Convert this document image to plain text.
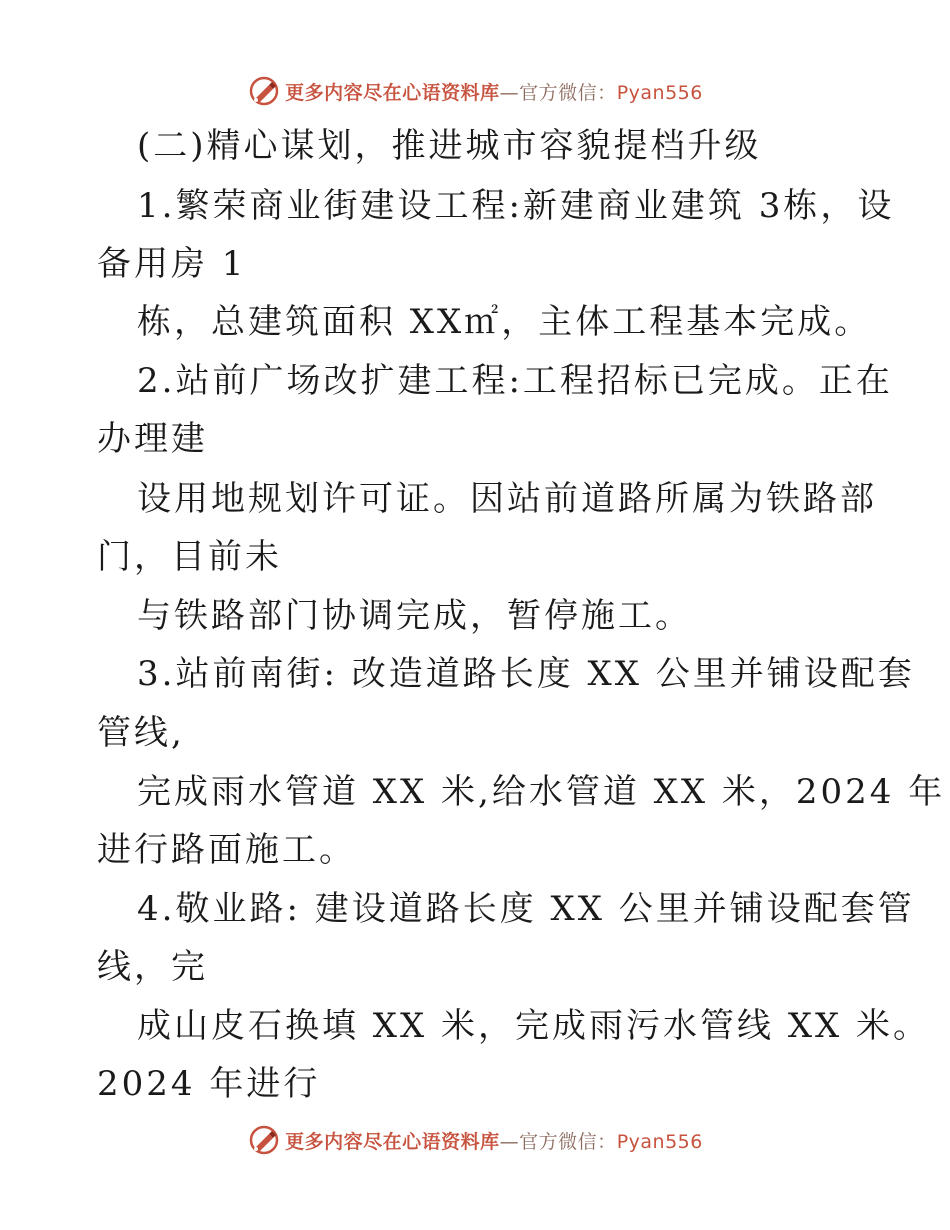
更多内容尽在心语资料库—官方微信：Pyan556
(二)精心谋划，推进城市容貌提档升级
1.繁荣商业街建设工程:新建商业建筑 3栋，设
备用房 1
栋，总建筑面积 XX㎡，主体工程基本完成。
2.站前广场改扩建工程:工程招标已完成。正在
办理建
设用地规划许可证。因站前道路所属为铁路部
门，目前未
与铁路部门协调完成，暂停施工。
3.站前南街: 改造道路长度 XX 公里并铺设配套
管线,
完成雨水管道 XX 米,给水管道 XX 米，2024 年
进行路面施工。
4.敬业路: 建设道路长度 XX 公里并铺设配套管
线，完
成山皮石换填 XX 米，完成雨污水管线 XX 米。
2024 年进行
更多内容尽在心语资料库—官方微信：Pyan556
